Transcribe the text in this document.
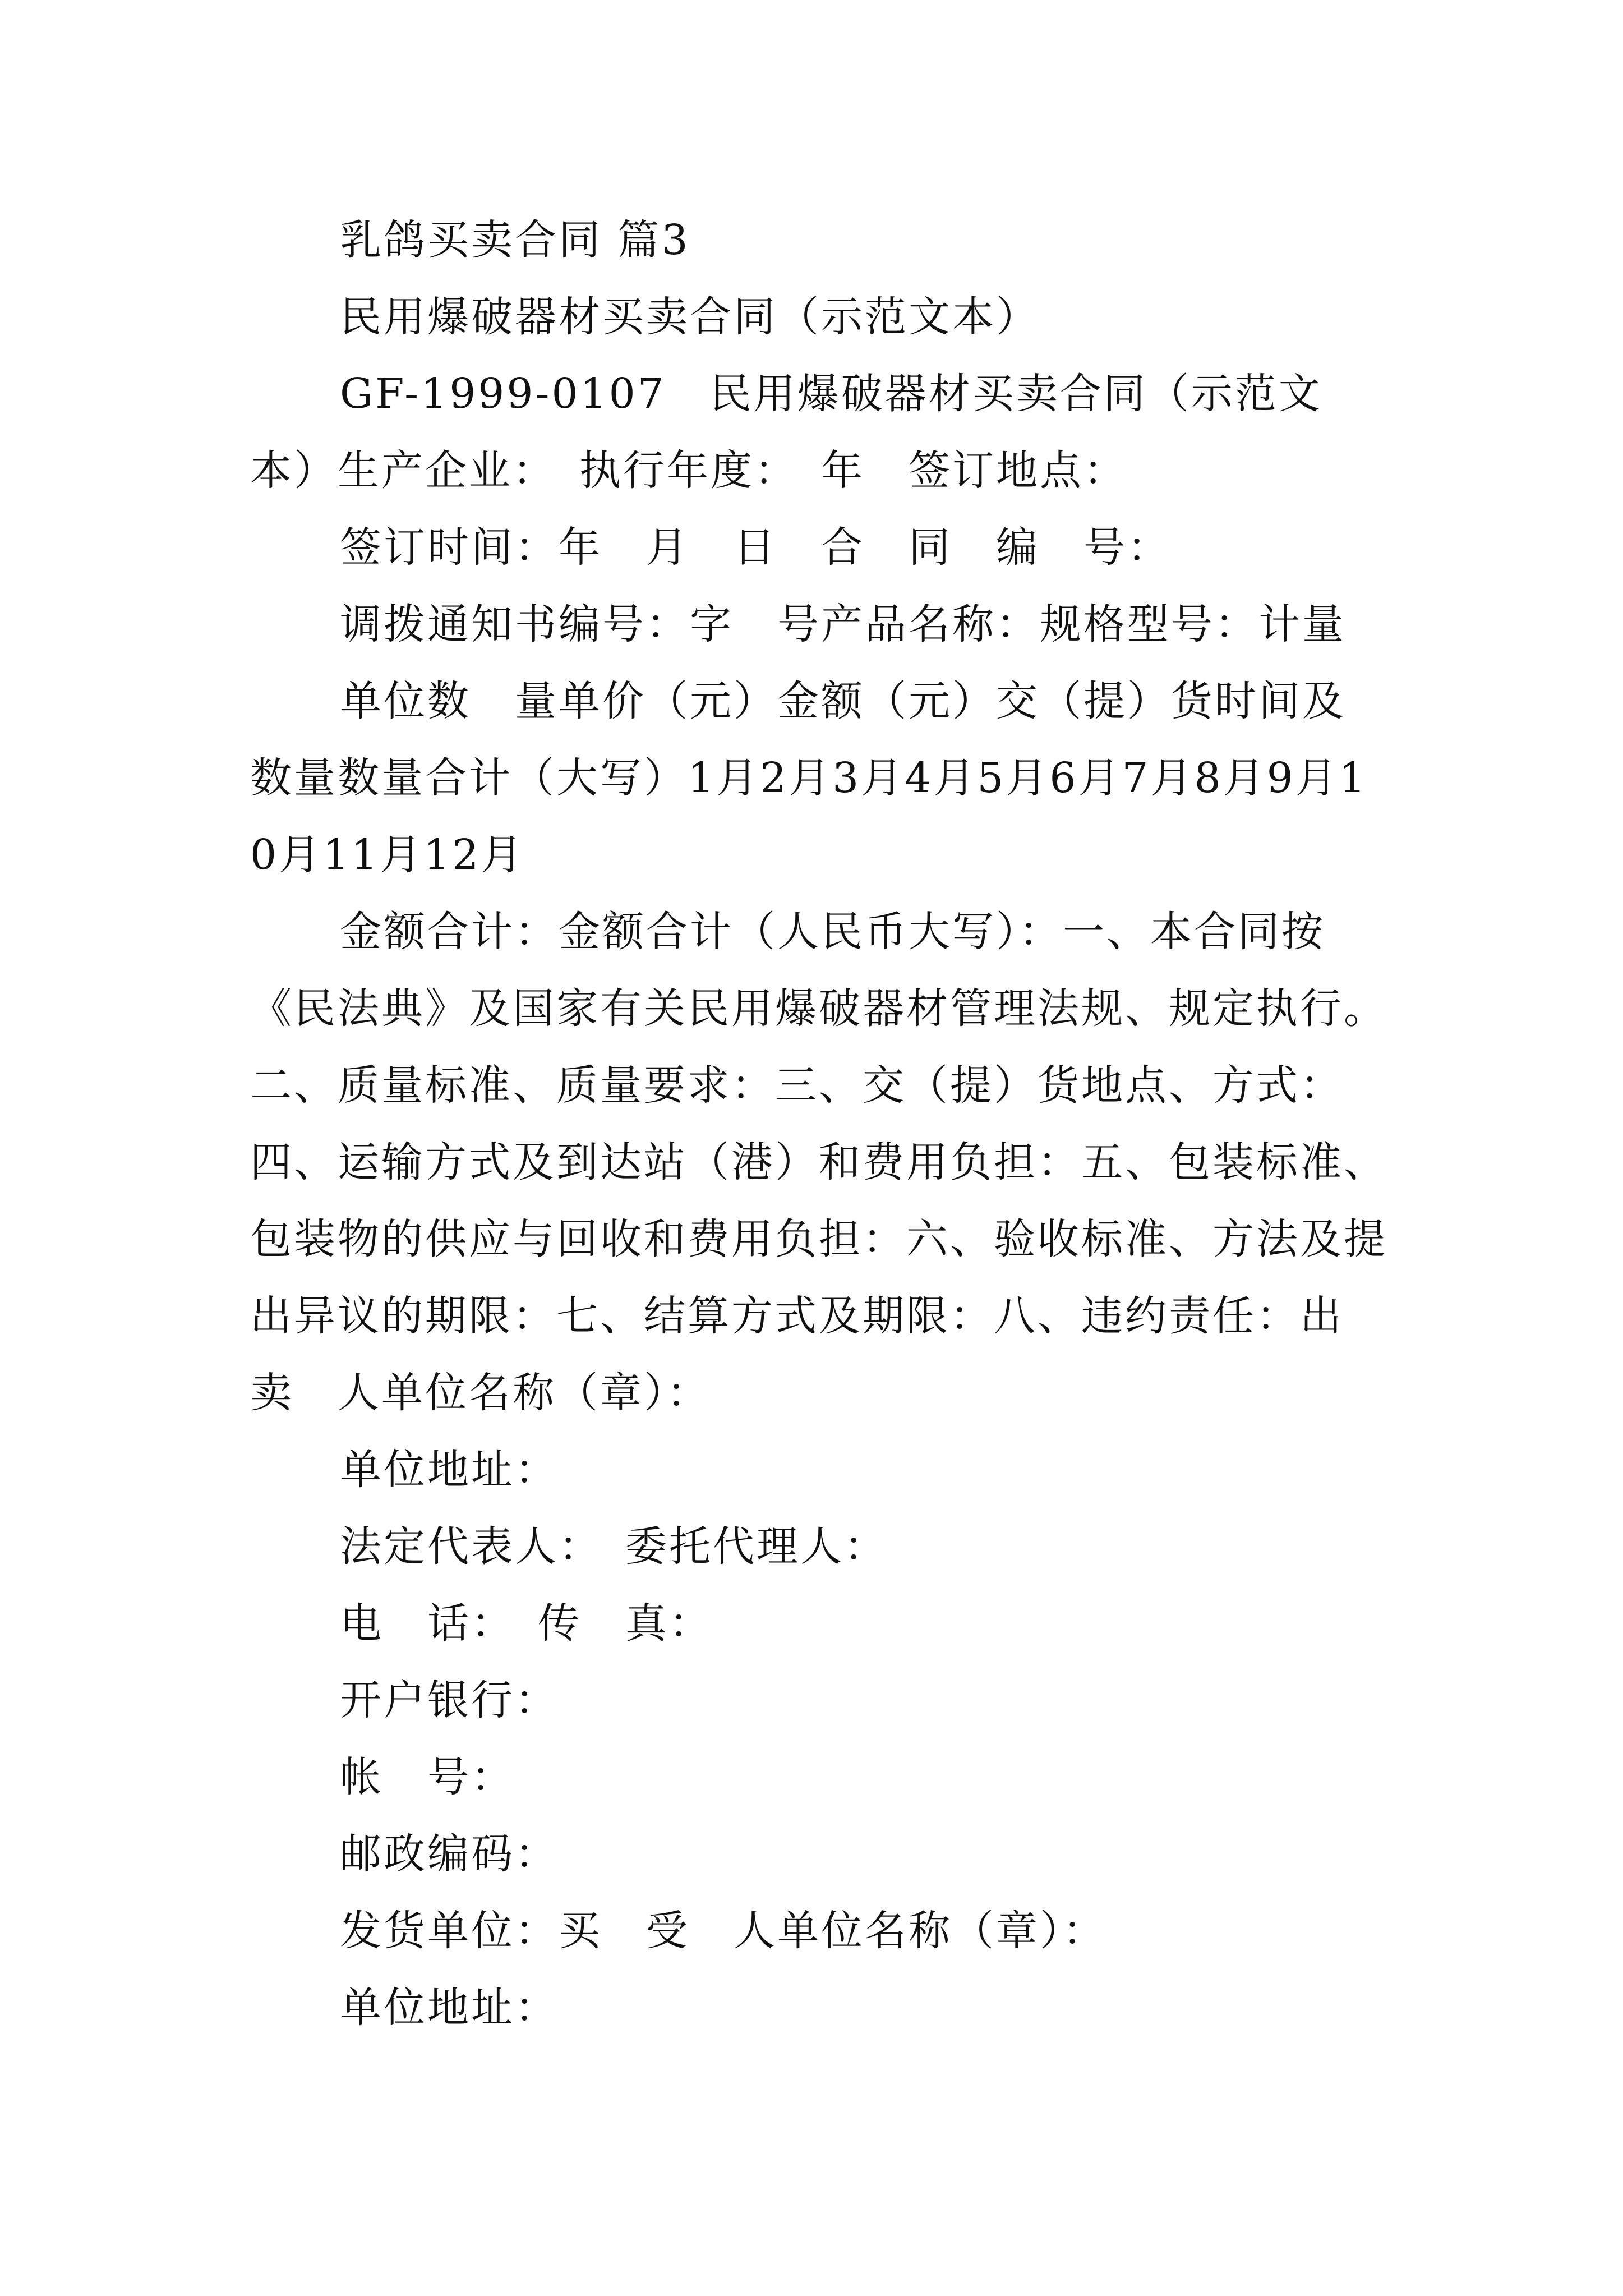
乳鸽买卖合同 篇3

民用爆破器材买卖合同（示范文本）

GF-1999-0107　民用爆破器材买卖合同（示范文本）生产企业：　执行年度：　年　签订地点：

签订时间：年　月　日　合　同　编　号：

调拨通知书编号：字　号产品名称：规格型号：计量

单位数　量单价（元）金额（元）交（提）货时间及数量数量合计（大写）1月2月3月4月5月6月7月8月9月10月11月12月

金额合计：金额合计（人民币大写）：一、本合同按《民法典》及国家有关民用爆破器材管理法规、规定执行。二、质量标准、质量要求：三、交（提）货地点、方式：四、运输方式及到达站（港）和费用负担：五、包装标准、包装物的供应与回收和费用负担：六、验收标准、方法及提出异议的期限：七、结算方式及期限：八、违约责任：出　卖　人单位名称（章）：

单位地址：

法定代表人：　委托代理人：

电　话：　传　真：

开户银行：

帐　号：

邮政编码：

发货单位：买　受　人单位名称（章）：

单位地址：
